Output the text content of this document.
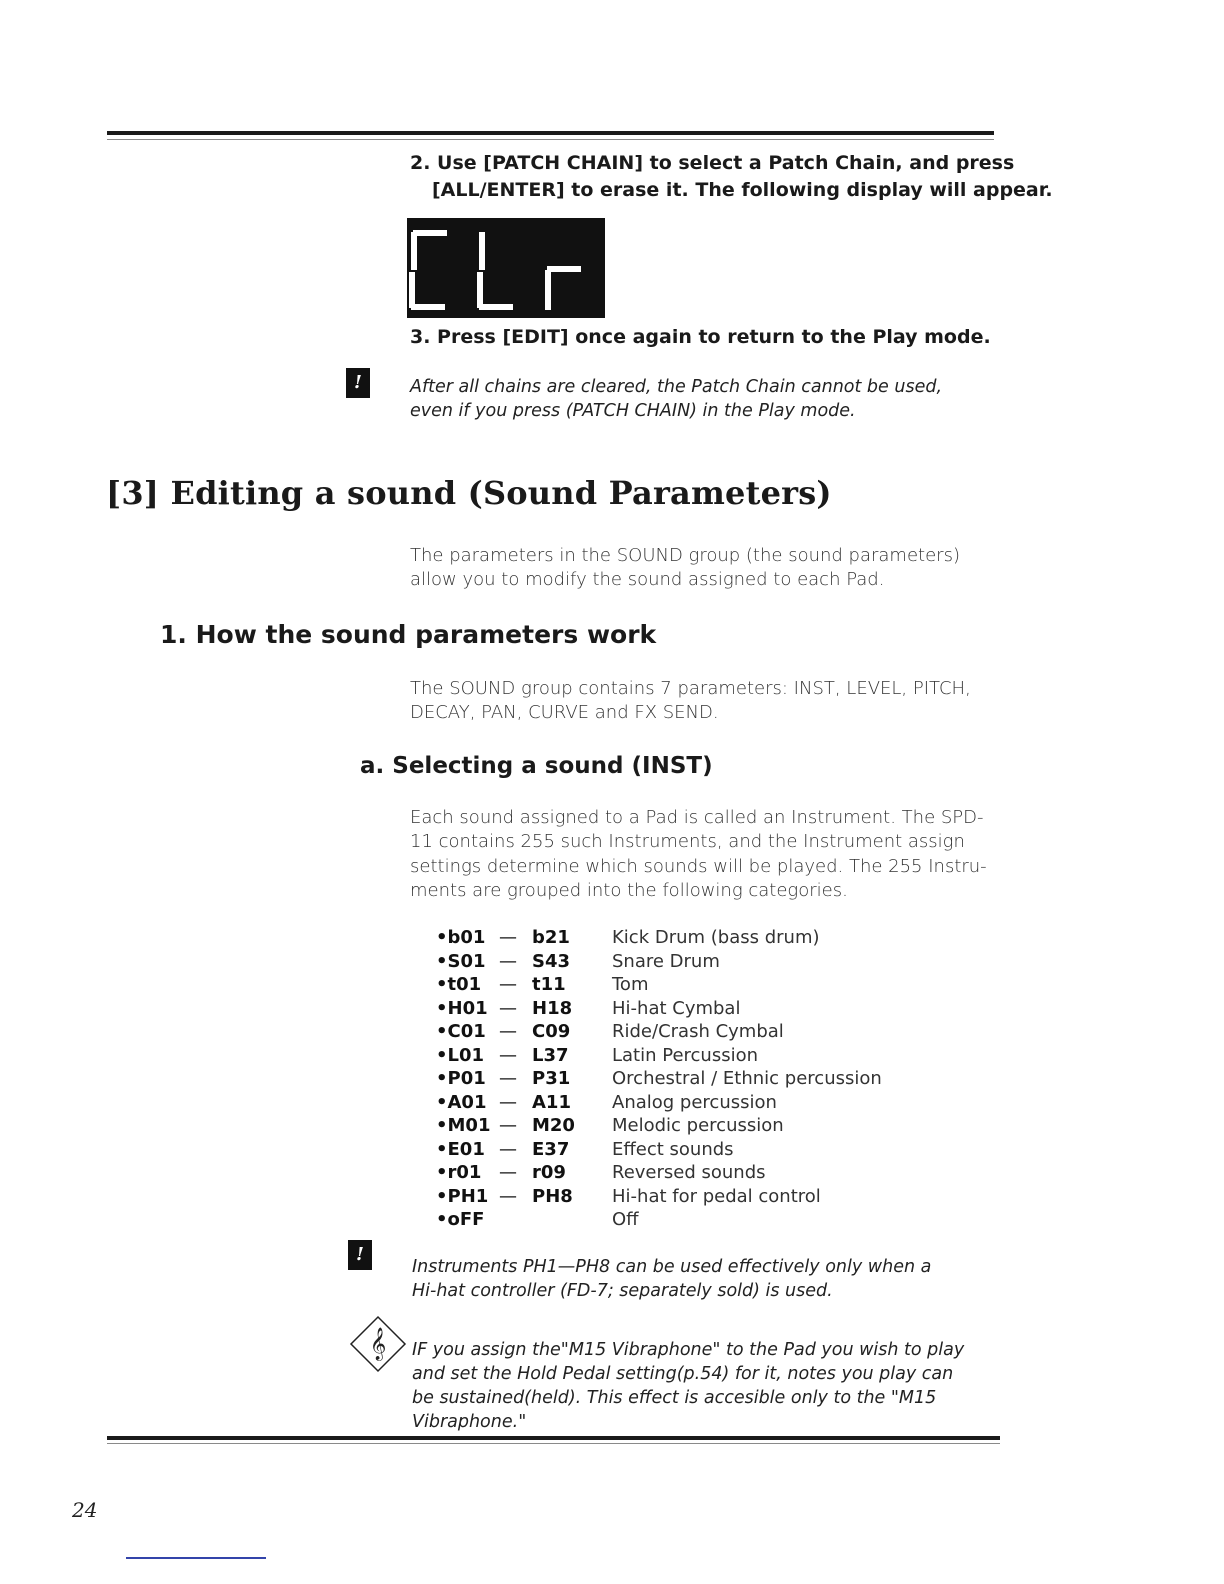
2. Use [PATCH CHAIN] to select a Patch Chain, and press
[ALL/ENTER] to erase it. The following display will appear.
3. Press [EDIT] once again to return to the Play mode.
!	After all chains are cleared, the Patch Chain cannot be used,
even if you press (PATCH CHAIN) in the Play mode.
[3] Editing a sound (Sound Parameters)
The parameters in the SOUND group (the sound parameters)
allow you to modify the sound assigned to each Pad.
1. How the sound parameters work
The SOUND group contains 7 parameters: INST, LEVEL, PITCH,
DECAY, PAN, CURVE and FX SEND.
a. Selecting a sound (INST)
Each sound assigned to a Pad is called an Instrument. The SPD-
11 contains 255 such Instruments, and the Instrument assign
settings determine which sounds will be played. The 255 Instru-
ments are grouped into the following categories.
•b01 — b21	Kick Drum (bass drum)
•S01 — S43	Snare Drum
•t01 — t11	Tom
•H01 — H18	Hi-hat Cymbal
•C01 — C09	Ride/Crash Cymbal
•L01 — L37	Latin Percussion
•P01 — P31	Orchestral / Ethnic percussion
•A01 — A11	Analog percussion
•M01 — M20	Melodic percussion
•E01 — E37	Effect sounds
•r01 — r09	Reversed sounds
•PH1 — PH8	Hi-hat for pedal control
•oFF	Off
!
Instruments PH1—PH8 can be used effectively only when a
Hi-hat controller (FD-7; separately sold) is used.
𝄞 IF you assign the"M15 Vibraphone" to the Pad you wish to play
and set the Hold Pedal setting(p.54) for it, notes you play can
be sustained(held). This effect is accesible only to the "M15
Vibraphone."
24
